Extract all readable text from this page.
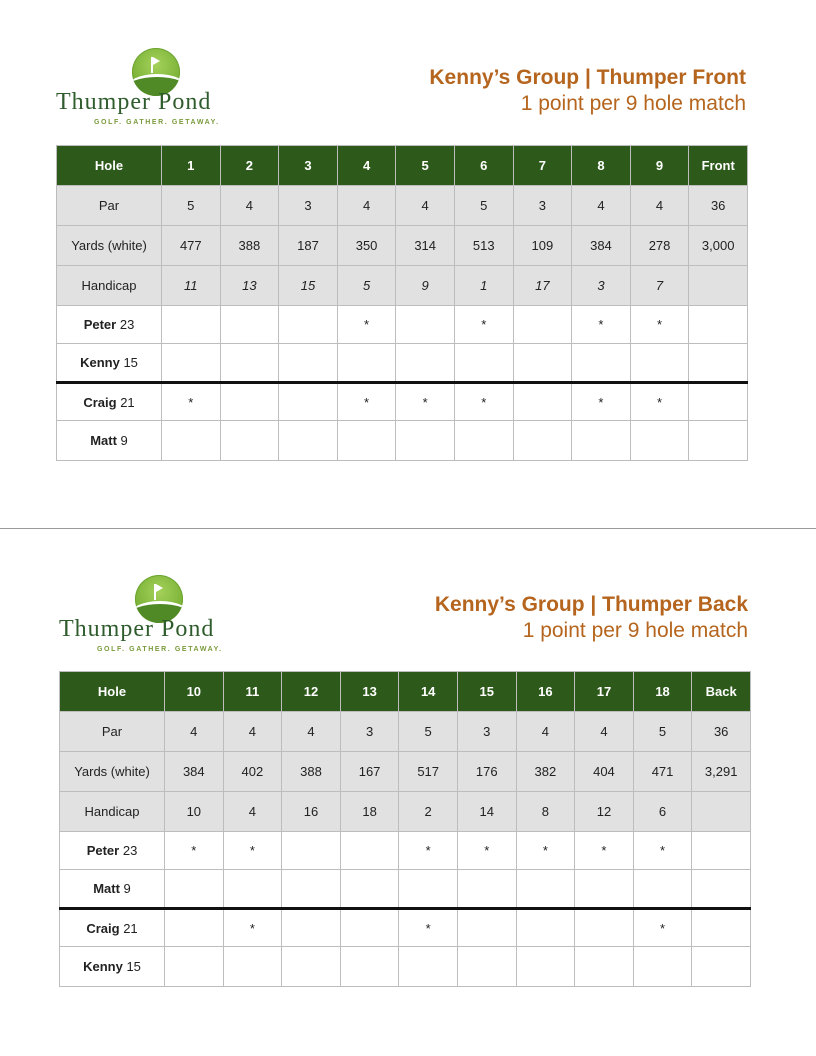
Thumper Pond
GOLF. GATHER. GETAWAY.
Kenny’s Group | Thumper Front
1 point per 9 hole match
Hole	1	2	3	4	5	6	7	8	9	Front
Par	5	4	3	4	4	5	3	4	4	36
Yards (white)	477	388	187	350	314	513	109	384	278	3,000
Handicap	11	13	15	5	9	1	17	3	7	
Peter 23				*		*		*	*	
Kenny 15										
Craig 21	*			*	*	*		*	*	
Matt 9										
Thumper Pond
GOLF. GATHER. GETAWAY.
Kenny’s Group | Thumper Back
1 point per 9 hole match
Hole	10	11	12	13	14	15	16	17	18	Back
Par	4	4	4	3	5	3	4	4	5	36
Yards (white)	384	402	388	167	517	176	382	404	471	3,291
Handicap	10	4	16	18	2	14	8	12	6	
Peter 23	*	*			*	*	*	*	*	
Matt 9										
Craig 21		*			*				*	
Kenny 15										
